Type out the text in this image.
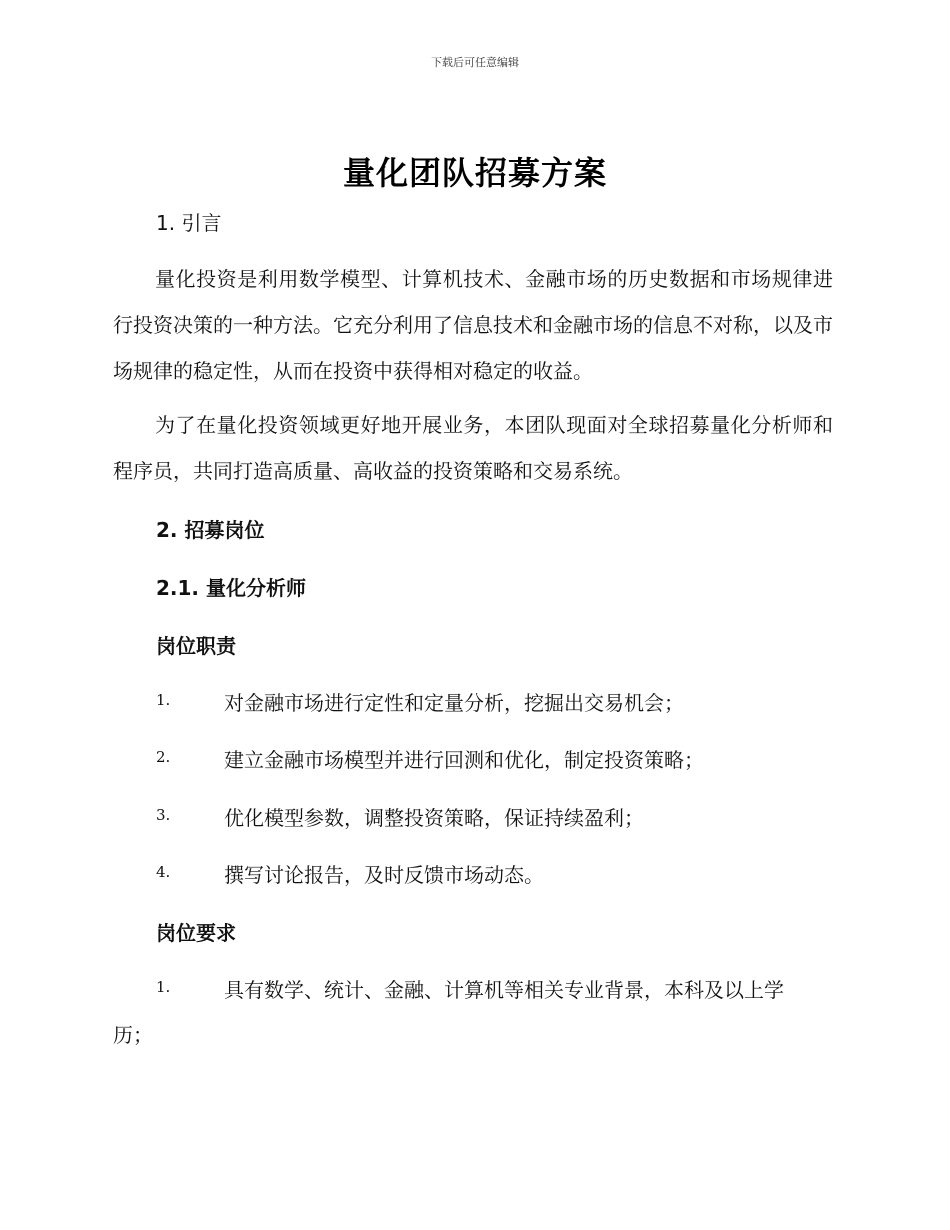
下载后可任意编辑
量化团队招募方案
1. 引言
量化投资是利用数学模型、计算机技术、金融市场的历史数据和市场规律进行投资决策的一种方法。它充分利用了信息技术和金融市场的信息不对称，以及市场规律的稳定性，从而在投资中获得相对稳定的收益。
为了在量化投资领域更好地开展业务，本团队现面对全球招募量化分析师和程序员，共同打造高质量、高收益的投资策略和交易系统。
2. 招募岗位
2.1. 量化分析师
岗位职责
1.	对金融市场进行定性和定量分析，挖掘出交易机会；
2.	建立金融市场模型并进行回测和优化，制定投资策略；
3.	优化模型参数，调整投资策略，保证持续盈利；
4.	撰写讨论报告，及时反馈市场动态。
岗位要求
1.	具有数学、统计、金融、计算机等相关专业背景，本科及以上学
历；
